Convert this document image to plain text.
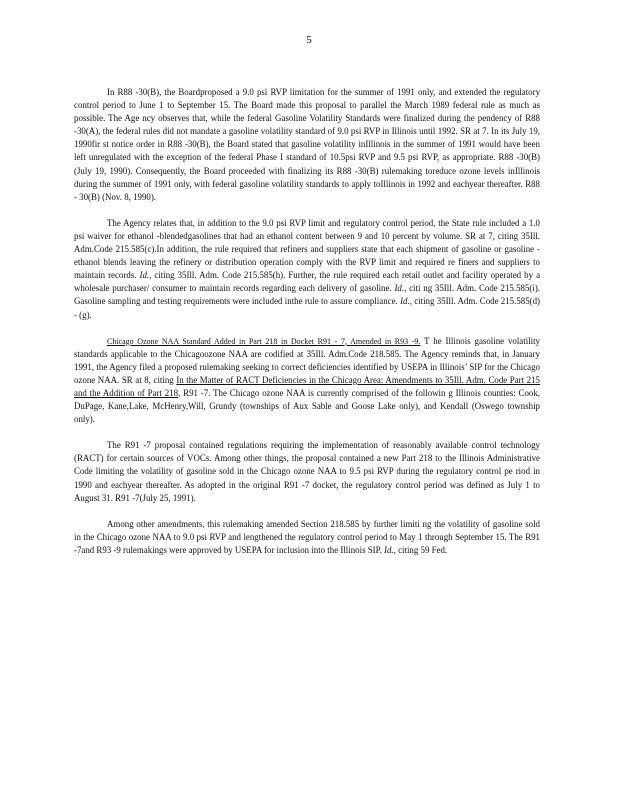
5

In R88 -30(B), the Boardproposed a 9.0 psi RVP limitation for the summer of 1991 only, and extended the regulatory control period to June 1 to September 15. The Board made this proposal to parallel the March 1989 federal rule as much as possible. The Age ncy observes that, while the federal Gasoline Volatility Standards were finalized during the pendency of R88 -30(A), the federal rules did not mandate a gasoline volatility standard of 9.0 psi RVP in Illinois until 1992. SR at 7. In its July 19, 1990fir st notice order in R88 -30(B), the Board stated that gasoline volatility inIllinois in the summer of 1991 would have been left unregulated with the exception of the federal Phase I standard of 10.5psi RVP and 9.5 psi RVP, as appropriate. R88 -30(B) (July 19, 1990). Consequently, the Board proceeded with finalizing its R88 -30(B) rulemaking toreduce ozone levels inIllinois during the summer of 1991 only, with federal gasoline volatility standards to apply toIllinois in 1992 and eachyear thereafter. R88 - 30(B) (Nov. 8, 1990).

The Agency relates that, in addition to the 9.0 psi RVP limit and regulatory control period, the State rule included a 1.0 psi waiver for ethanol -blendedgasolines that had an ethanol content between 9 and 10 percent by volume. SR at 7, citing 35Ill. Adm.Code 215.585(c).In addition, the rule required that refiners and suppliers state that each shipment of gasoline or gasoline -ethanol blends leaving the refinery or distribution operation comply with the RVP limit and required re finers and suppliers to maintain records. Id., citing 35Ill. Adm. Code 215.585(h). Further, the rule required each retail outlet and facility operated by a wholesale purchaser/ consumer to maintain records regarding each delivery of gasoline. Id., citi ng 35Ill. Adm. Code 215.585(i). Gasoline sampling and testing requirements were included inthe rule to assure compliance. Id., citing 35Ill. Adm. Code 215.585(d) - (g).

Chicago Ozone NAA Standard Added in Part 218 in Docket R91 - 7, Amended in R93 -9. T he Illinois gasoline volatility standards applicable to the Chicagoozone NAA are codified at 35Ill. Adm.Code 218.585. The Agency reminds that, in January 1991, the Agency filed a proposed rulemaking seeking to correct deficiencies identified by USEPA in Illinois’ SIP for the Chicago ozone NAA. SR at 8, citing In the Matter of RACT Deficiencies in the Chicago Area: Amendments to 35Ill. Adm. Code Part 215 and the Addition of Part 218, R91 -7. The Chicago ozone NAA is currently comprised of the followin g Illinois counties: Cook, DuPage, Kane,Lake, McHenry,Will, Grundy (townships of Aux Sable and Goose Lake only), and Kendall (Oswego township only).

The R91 -7 proposal contained regulations requiring the implementation of reasonably available control technology (RACT) for certain sources of VOCs. Among other things, the proposal contained a new Part 218 to the Illinois Administrative Code limiting the volatility of gasoline sold in the Chicago ozone NAA to 9.5 psi RVP during the regulatory control pe riod in 1990 and eachyear thereafter. As adopted in the original R91 -7 docket, the regulatory control period was defined as July 1 to August 31. R91 -7(July 25, 1991).

Among other amendments, this rulemaking amended Section 218.585 by further limiti ng the volatility of gasoline sold in the Chicago ozone NAA to 9.0 psi RVP and lengthened the regulatory control period to May 1 through September 15. The R91 -7and R93 -9 rulemakings were approved by USEPA for inclusion into the Illinois SIP. Id., citing 59 Fed.
